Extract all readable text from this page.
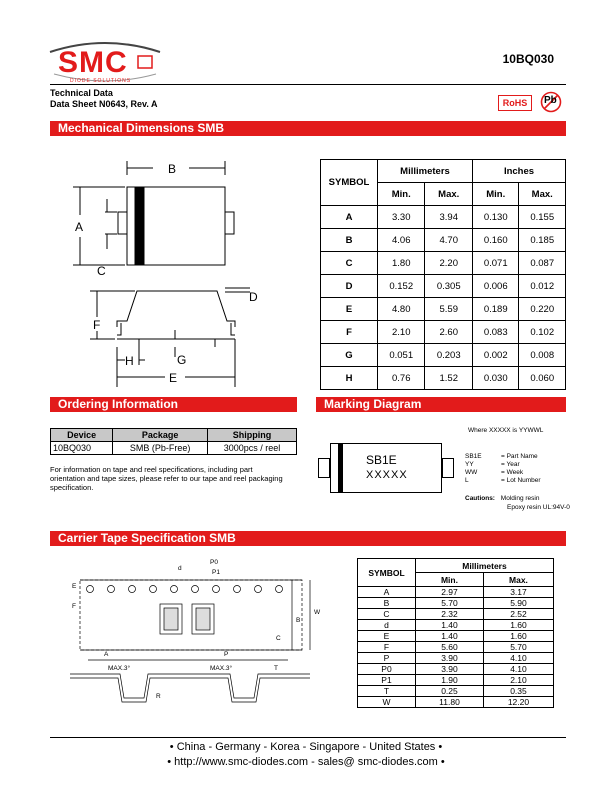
SMC
DIODE SOLUTIONS
10BQ030
Technical Data
Data Sheet N0643, Rev. A	RoHS	Pb
Mechanical Dimensions SMB
B
A
C
D
F
G
H
E
SYMBOL	Millimeters		Inches	
	Min.	Max.	Min.	Max.
A	3.30	3.94	0.130	0.155
B	4.06	4.70	0.160	0.185
C	1.80	2.20	0.071	0.087
D	0.152	0.305	0.006	0.012
E	4.80	5.59	0.189	0.220
F	2.10	2.60	0.083	0.102
G	0.051	0.203	0.002	0.008
H	0.76	1.52	0.030	0.060
Ordering Information
Device	Package	Shipping
10BQ030	SMB (Pb-Free)	3000pcs / reel
For information on tape and reel specifications, including part orientation and tape sizes, please refer to our tape and reel packaging specification.
Marking Diagram
Where XXXXX is YYWWL
SB1E
XXXXX
SB1E	= Part Name
YY	= Year
WW	= Week
L	= Lot Number
Cautions: Molding resin
Epoxy resin UL:94V-0
Carrier Tape Specification SMB
P0
P1
d
E
F
W
B
C
A	P
T
R
MAX.3°	MAX.3°
SYMBOL	Millimeters	
	Min.	Max.
A	2.97	3.17
B	5.70	5.90
C	2.32	2.52
d	1.40	1.60
E	1.40	1.60
F	5.60	5.70
P	3.90	4.10
P0	3.90	4.10
P1	1.90	2.10
T	0.25	0.35
W	11.80	12.20
• China - Germany - Korea - Singapore - United States •
• http://www.smc-diodes.com - sales@ smc-diodes.com •
